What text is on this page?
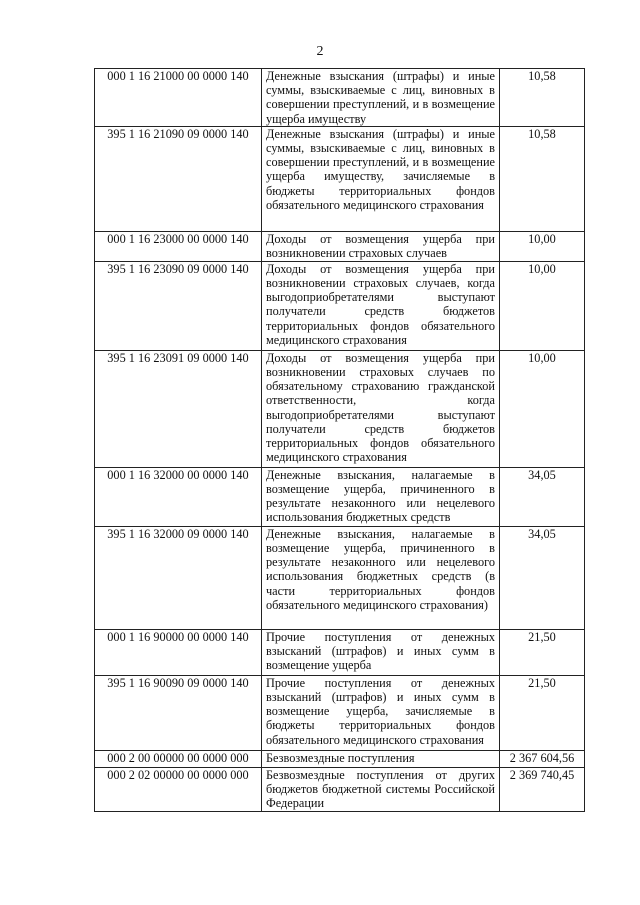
2
000 1 16 21000 00 0000 140	Денежные взыскания (штрафы) и иные суммы, взыскиваемые с лиц, виновных в совершении преступлений, и в возмещение ущерба имуществу	10,58
395 1 16 21090 09 0000 140	Денежные взыскания (штрафы) и иные суммы, взыскиваемые с лиц, виновных в совершении преступлений, и в возмещение ущерба имуществу, зачисляемые в бюджеты территориальных фондов обязательного медицинского страхования	10,58
000 1 16 23000 00 0000 140	Доходы от возмещения ущерба при возникновении страховых случаев	10,00
395 1 16 23090 09 0000 140	Доходы от возмещения ущерба при возникновении страховых случаев, когда выгодоприобретателями выступают получатели средств бюджетов территориальных фондов обязательного медицинского страхования	10,00
395 1 16 23091 09 0000 140	Доходы от возмещения ущерба при возникновении страховых случаев по обязательному страхованию гражданской ответственности, когда выгодоприобретателями выступают получатели средств бюджетов территориальных фондов обязательного медицинского страхования	10,00
000 1 16 32000 00 0000 140	Денежные взыскания, налагаемые в возмещение ущерба, причиненного в результате незаконного или нецелевого использования бюджетных средств	34,05
395 1 16 32000 09 0000 140	Денежные взыскания, налагаемые в возмещение ущерба, причиненного в результате незаконного или нецелевого использования бюджетных средств (в части территориальных фондов обязательного медицинского страхования)	34,05
000 1 16 90000 00 0000 140	Прочие поступления от денежных взысканий (штрафов) и иных сумм в возмещение ущерба	21,50
395 1 16 90090 09 0000 140	Прочие поступления от денежных взысканий (штрафов) и иных сумм в возмещение ущерба, зачисляемые в бюджеты территориальных фондов обязательного медицинского страхования	21,50
000 2 00 00000 00 0000 000	Безвозмездные поступления	2 367 604,56
000 2 02 00000 00 0000 000	Безвозмездные поступления от других бюджетов бюджетной системы Российской Федерации	2 369 740,45
